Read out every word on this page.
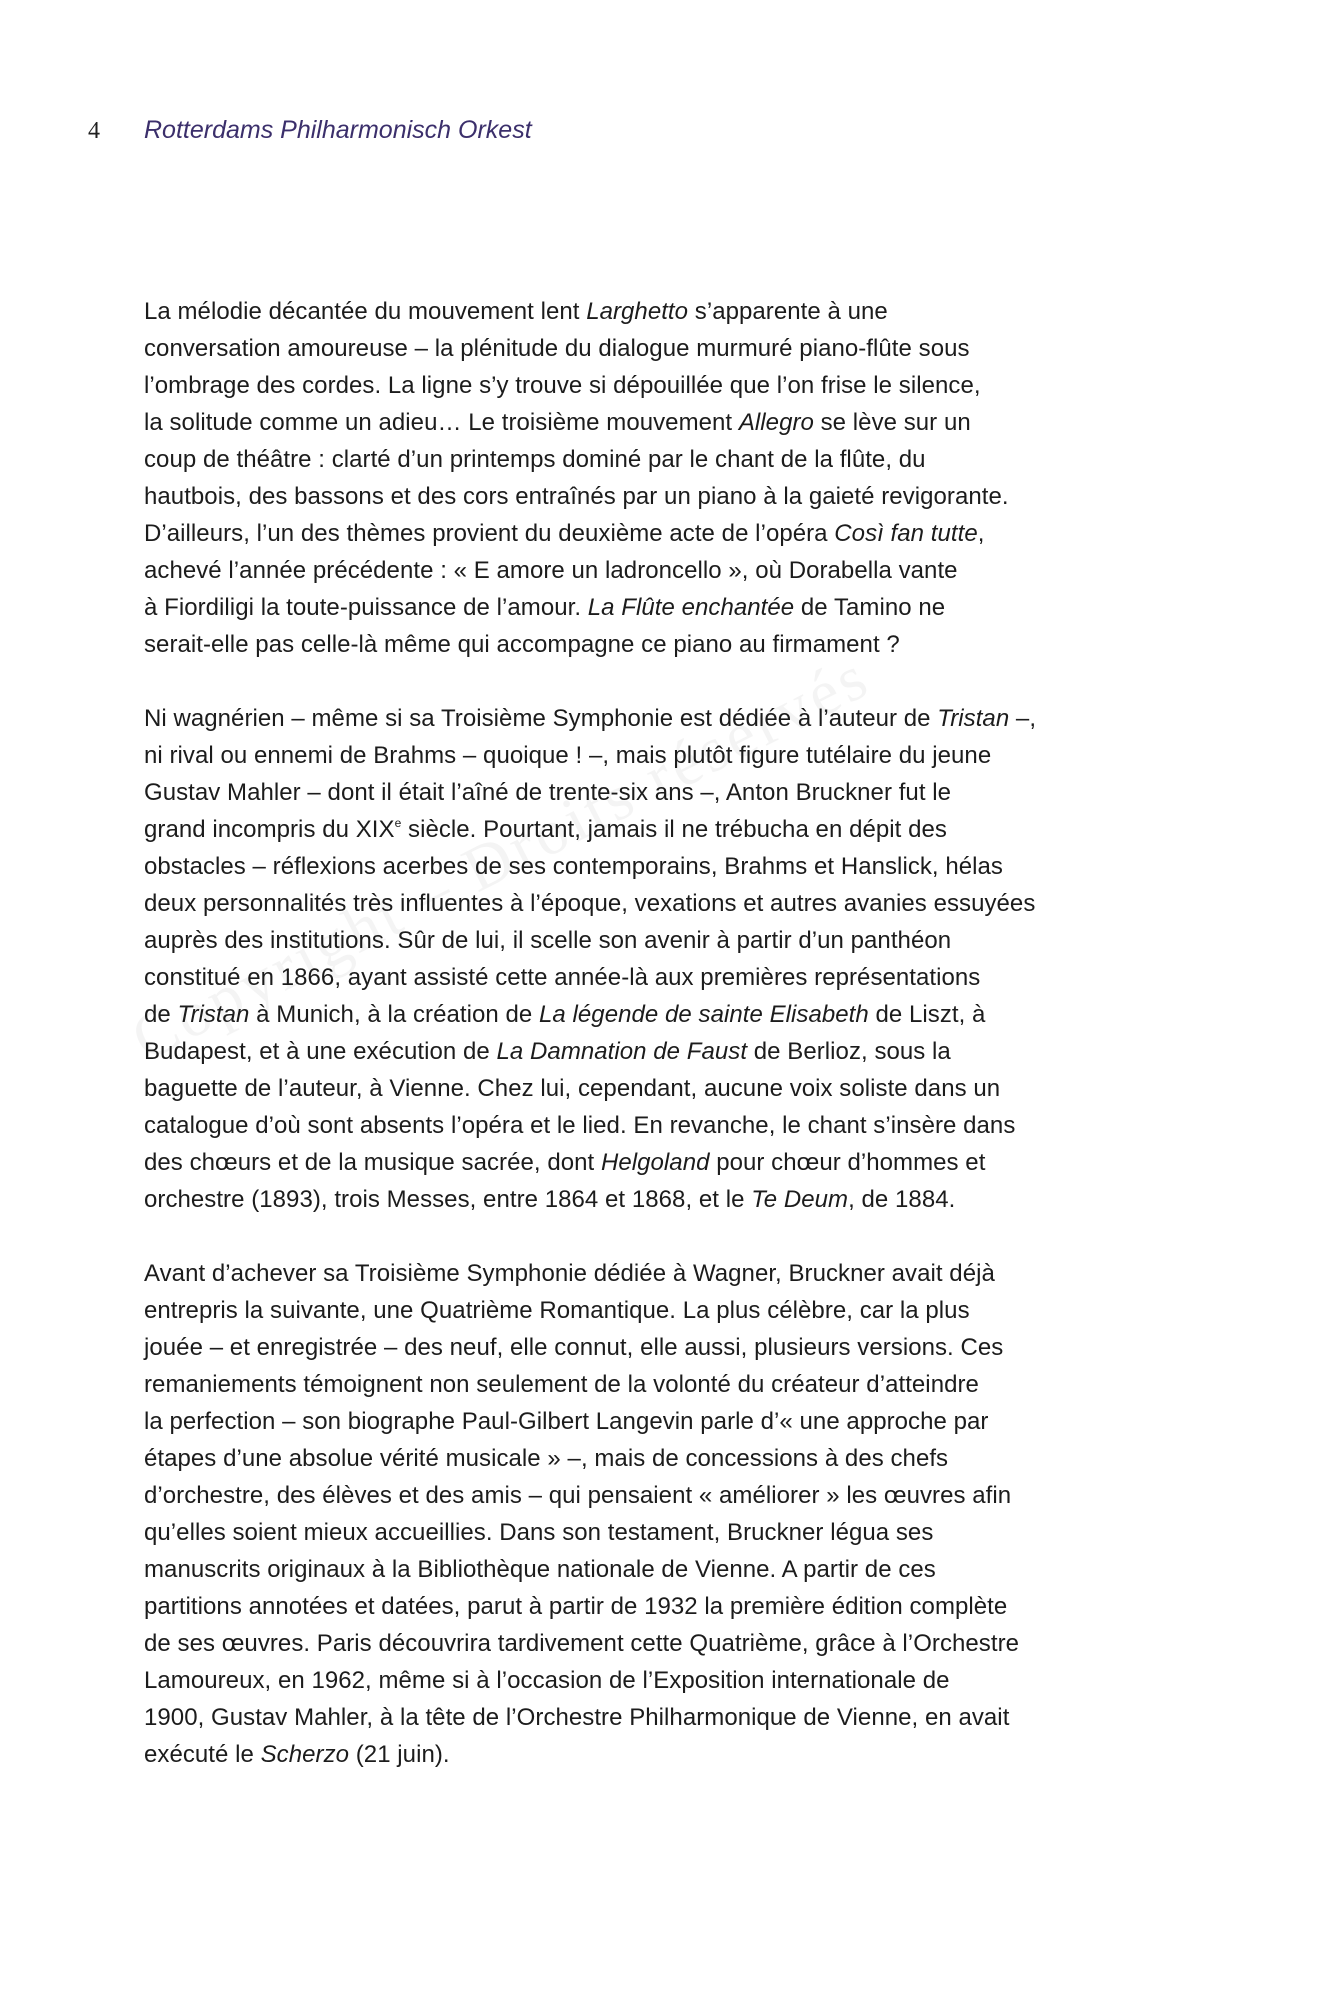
4	Rotterdams Philharmonisch Orkest
La mélodie décantée du mouvement lent Larghetto s’apparente à une
conversation amoureuse – la plénitude du dialogue murmuré piano-flûte sous
l’ombrage des cordes. La ligne s’y trouve si dépouillée que l’on frise le silence,
la solitude comme un adieu… Le troisième mouvement Allegro se lève sur un
coup de théâtre : clarté d’un printemps dominé par le chant de la flûte, du
hautbois, des bassons et des cors entraînés par un piano à la gaieté revigorante.
D’ailleurs, l’un des thèmes provient du deuxième acte de l’opéra Così fan tutte,
achevé l’année précédente : « E amore un ladroncello », où Dorabella vante
à Fiordiligi la toute-puissance de l’amour. La Flûte enchantée de Tamino ne
serait-elle pas celle-là même qui accompagne ce piano au firmament ?
Ni wagnérien – même si sa Troisième Symphonie est dédiée à l’auteur de Tristan –,
ni rival ou ennemi de Brahms – quoique ! –, mais plutôt figure tutélaire du jeune
Gustav Mahler – dont il était l’aîné de trente-six ans –, Anton Bruckner fut le
grand incompris du XIXe siècle. Pourtant, jamais il ne trébucha en dépit des
obstacles – réflexions acerbes de ses contemporains, Brahms et Hanslick, hélas
deux personnalités très influentes à l’époque, vexations et autres avanies essuyées
auprès des institutions. Sûr de lui, il scelle son avenir à partir d’un panthéon
constitué en 1866, ayant assisté cette année-là aux premières représentations
de Tristan à Munich, à la création de La légende de sainte Elisabeth de Liszt, à
Budapest, et à une exécution de La Damnation de Faust de Berlioz, sous la
baguette de l’auteur, à Vienne. Chez lui, cependant, aucune voix soliste dans un
catalogue d’où sont absents l’opéra et le lied. En revanche, le chant s’insère dans
des chœurs et de la musique sacrée, dont Helgoland pour chœur d’hommes et
orchestre (1893), trois Messes, entre 1864 et 1868, et le Te Deum, de 1884.
Avant d’achever sa Troisième Symphonie dédiée à Wagner, Bruckner avait déjà
entrepris la suivante, une Quatrième Romantique. La plus célèbre, car la plus
jouée – et enregistrée – des neuf, elle connut, elle aussi, plusieurs versions. Ces
remaniements témoignent non seulement de la volonté du créateur d’atteindre
la perfection – son biographe Paul-Gilbert Langevin parle d’« une approche par
étapes d’une absolue vérité musicale » –, mais de concessions à des chefs
d’orchestre, des élèves et des amis – qui pensaient « améliorer » les œuvres afin
qu’elles soient mieux accueillies. Dans son testament, Bruckner légua ses
manuscrits originaux à la Bibliothèque nationale de Vienne. A partir de ces
partitions annotées et datées, parut à partir de 1932 la première édition complète
de ses œuvres. Paris découvrira tardivement cette Quatrième, grâce à l’Orchestre
Lamoureux, en 1962, même si à l’occasion de l’Exposition internationale de
1900, Gustav Mahler, à la tête de l’Orchestre Philharmonique de Vienne, en avait
exécuté le Scherzo (21 juin).
